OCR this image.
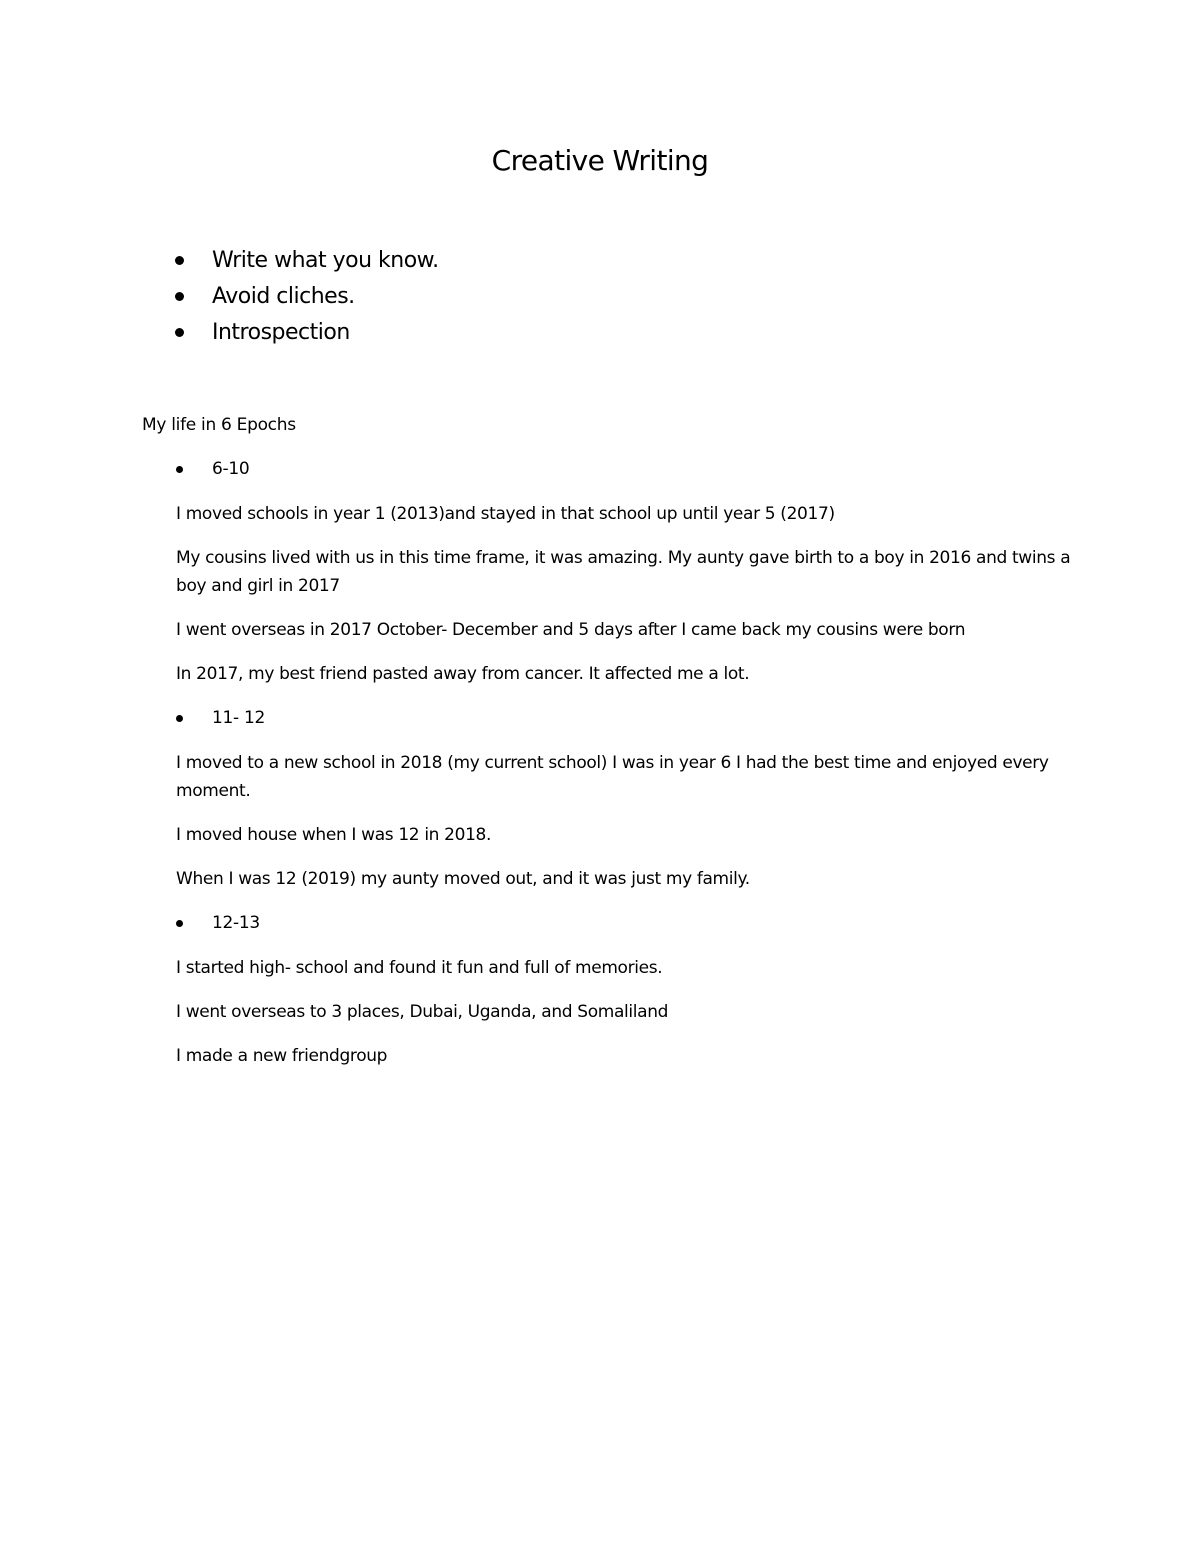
Creative Writing
Write what you know.
Avoid cliches.
Introspection
My life in 6 Epochs
6-10

I moved schools in year 1 (2013)and stayed in that school up until year 5 (2017)

My cousins lived with us in this time frame, it was amazing. My aunty gave birth to a boy in 2016 and twins a boy and girl in 2017

I went overseas in 2017 October- December and 5 days after I came back my cousins were born

In 2017, my best friend pasted away from cancer. It affected me a lot.

11- 12

I moved to a new school in 2018 (my current school) I was in year 6 I had the best time and enjoyed every moment.

I moved house when I was 12 in 2018.

When I was 12 (2019) my aunty moved out, and it was just my family.

12-13

I started high- school and found it fun and full of memories.

I went overseas to 3 places, Dubai, Uganda, and Somaliland

I made a new friendgroup
